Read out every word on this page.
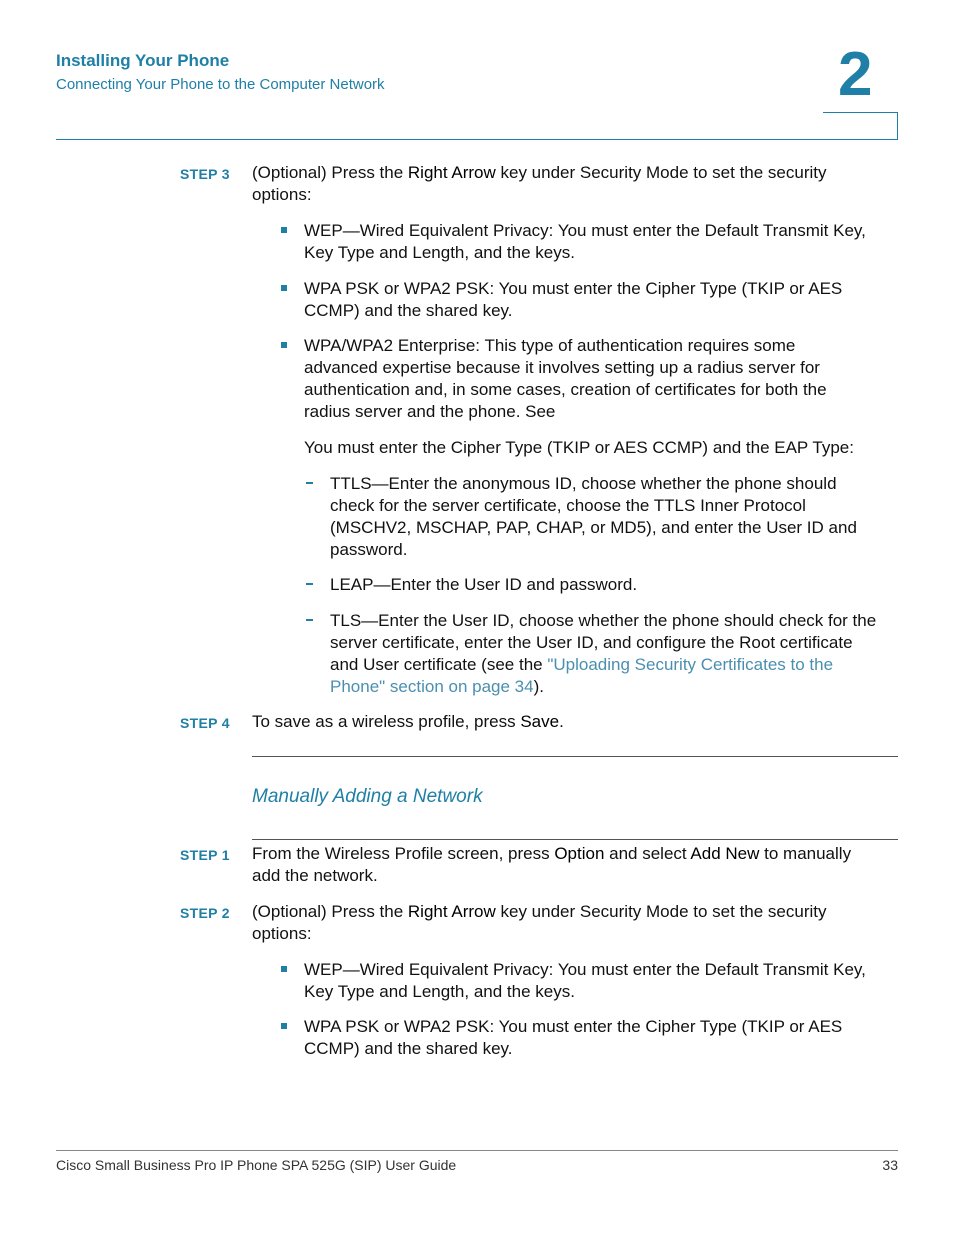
Installing Your Phone
Connecting Your Phone to the Computer Network	2
STEP 3 (Optional) Press the Right Arrow key under Security Mode to set the security
options:
WEP—Wired Equivalent Privacy: You must enter the Default Transmit Key,
Key Type and Length, and the keys.
WPA PSK or WPA2 PSK: You must enter the Cipher Type (TKIP or AES
CCMP) and the shared key.
WPA/WPA2 Enterprise: This type of authentication requires some
advanced expertise because it involves setting up a radius server for
authentication and, in some cases, creation of certificates for both the
radius server and the phone. See
You must enter the Cipher Type (TKIP or AES CCMP) and the EAP Type:
TTLS—Enter the anonymous ID, choose whether the phone should
check for the server certificate, choose the TTLS Inner Protocol
(MSCHV2, MSCHAP, PAP, CHAP, or MD5), and enter the User ID and
password.
LEAP—Enter the User ID and password.
TLS—Enter the User ID, choose whether the phone should check for the
server certificate, enter the User ID, and configure the Root certificate
and User certificate (see the "Uploading Security Certificates to the
Phone" section on page 34).
STEP 4 To save as a wireless profile, press Save.
Manually Adding a Network
STEP 1 From the Wireless Profile screen, press Option and select Add New to manually
add the network.
STEP 2 (Optional) Press the Right Arrow key under Security Mode to set the security
options:
WEP—Wired Equivalent Privacy: You must enter the Default Transmit Key,
Key Type and Length, and the keys.
WPA PSK or WPA2 PSK: You must enter the Cipher Type (TKIP or AES
CCMP) and the shared key.
Cisco Small Business Pro IP Phone SPA 525G (SIP) User Guide	33
